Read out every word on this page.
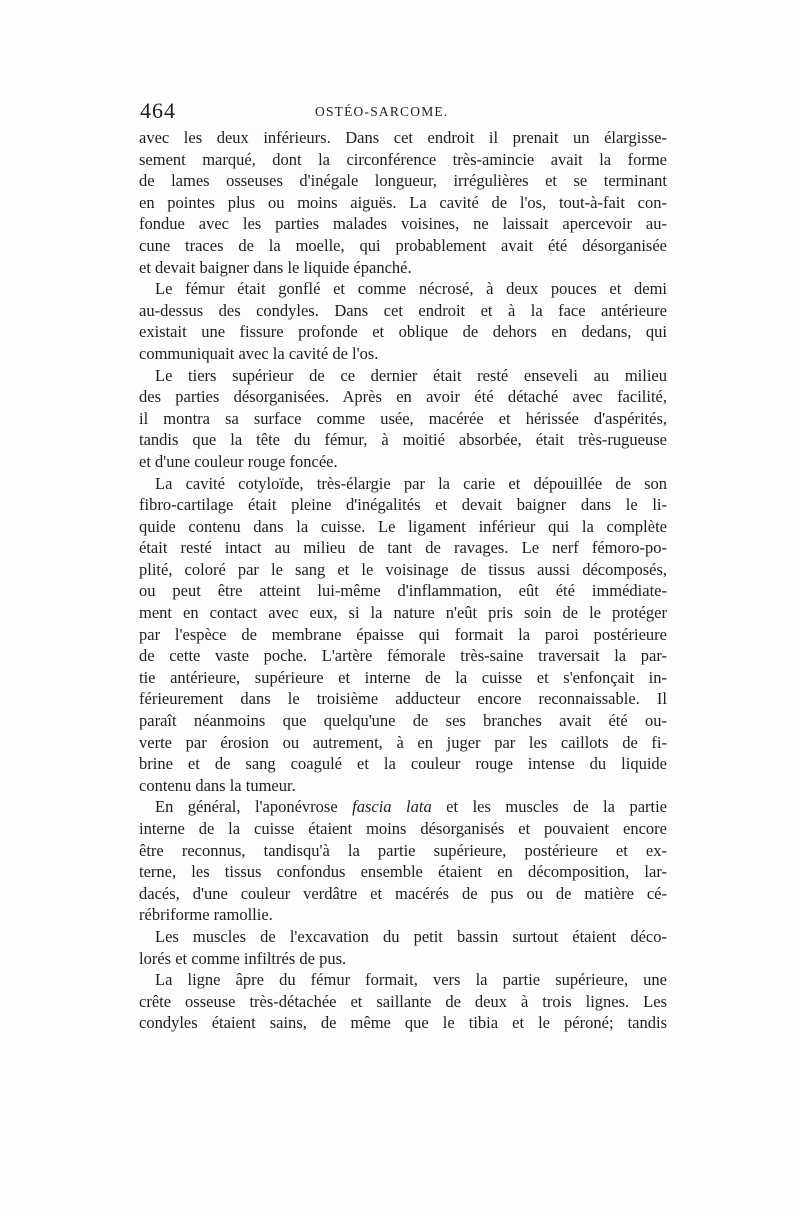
464	OSTÉO-SARCOME.
avec les deux inférieurs. Dans cet endroit il prenait un élargisse-
sement marqué, dont la circonférence très-amincie avait la forme
de lames osseuses d'inégale longueur, irrégulières et se terminant
en pointes plus ou moins aiguës. La cavité de l'os, tout-à-fait con-
fondue avec les parties malades voisines, ne laissait apercevoir au-
cune traces de la moelle, qui probablement avait été désorganisée
et devait baigner dans le liquide épanché.
Le fémur était gonflé et comme nécrosé, à deux pouces et demi
au-dessus des condyles. Dans cet endroit et à la face antérieure
existait une fissure profonde et oblique de dehors en dedans, qui
communiquait avec la cavité de l'os.
Le tiers supérieur de ce dernier était resté enseveli au milieu
des parties désorganisées. Après en avoir été détaché avec facilité,
il montra sa surface comme usée, macérée et hérissée d'aspérités,
tandis que la tête du fémur, à moitié absorbée, était très-rugueuse
et d'une couleur rouge foncée.
La cavité cotyloïde, très-élargie par la carie et dépouillée de son
fibro-cartilage était pleine d'inégalités et devait baigner dans le li-
quide contenu dans la cuisse. Le ligament inférieur qui la complète
était resté intact au milieu de tant de ravages. Le nerf fémoro-po-
plité, coloré par le sang et le voisinage de tissus aussi décomposés,
ou peut être atteint lui-même d'inflammation, eût été immédiate-
ment en contact avec eux, si la nature n'eût pris soin de le protéger
par l'espèce de membrane épaisse qui formait la paroi postérieure
de cette vaste poche. L'artère fémorale très-saine traversait la par-
tie antérieure, supérieure et interne de la cuisse et s'enfonçait in-
férieurement dans le troisième adducteur encore reconnaissable. Il
paraît néanmoins que quelqu'une de ses branches avait été ou-
verte par érosion ou autrement, à en juger par les caillots de fi-
brine et de sang coagulé et la couleur rouge intense du liquide
contenu dans la tumeur.
En général, l'aponévrose fascia lata et les muscles de la partie
interne de la cuisse étaient moins désorganisés et pouvaient encore
être reconnus, tandisqu'à la partie supérieure, postérieure et ex-
terne, les tissus confondus ensemble étaient en décomposition, lar-
dacés, d'une couleur verdâtre et macérés de pus ou de matière cé-
rébriforme ramollie.
Les muscles de l'excavation du petit bassin surtout étaient déco-
lorés et comme infiltrés de pus.
La ligne âpre du fémur formait, vers la partie supérieure, une
crête osseuse très-détachée et saillante de deux à trois lignes. Les
condyles étaient sains, de même que le tibia et le péroné; tandis
